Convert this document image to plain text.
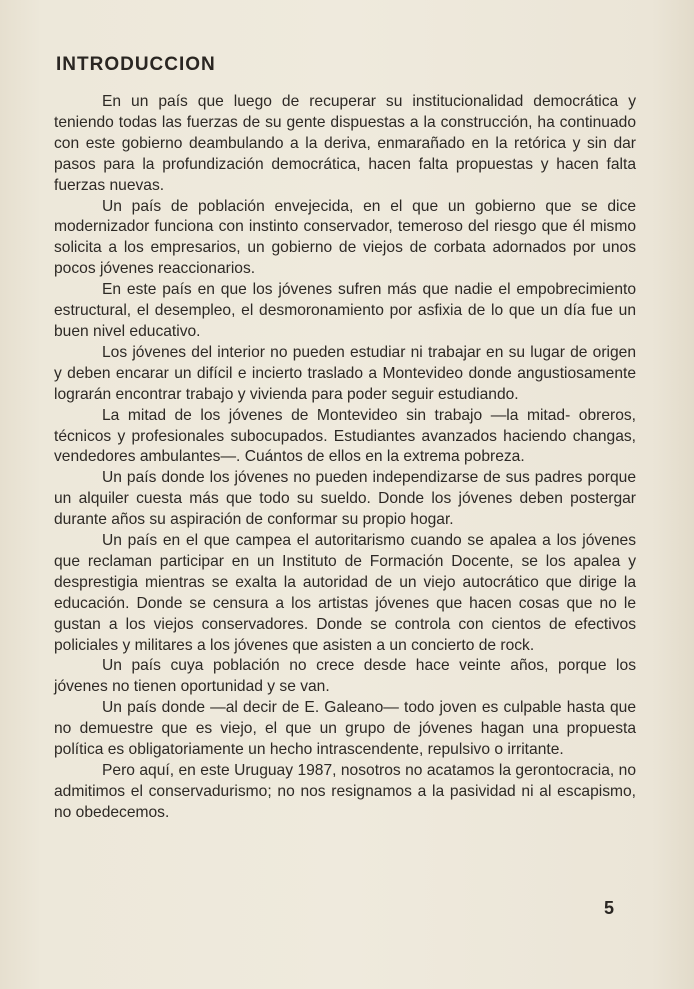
INTRODUCCION

En un país que luego de recuperar su institucionalidad democrática y teniendo todas las fuerzas de su gente dispuestas a la construcción, ha continuado con este gobierno deambulando a la deriva, enmarañado en la retórica y sin dar pasos para la profundización democrática, hacen falta propuestas y hacen falta fuerzas nuevas.

Un país de población envejecida, en el que un gobierno que se dice modernizador funciona con instinto conservador, temeroso del riesgo que él mismo solicita a los empresarios, un gobierno de viejos de corbata adornados por unos pocos jóvenes reaccionarios.

En este país en que los jóvenes sufren más que nadie el empobrecimiento estructural, el desempleo, el desmoronamiento por asfixia de lo que un día fue un buen nivel educativo.

Los jóvenes del interior no pueden estudiar ni trabajar en su lugar de origen y deben encarar un difícil e incierto traslado a Montevideo donde angustiosamente lograrán encontrar trabajo y vivienda para poder seguir estudiando.

La mitad de los jóvenes de Montevideo sin trabajo —la mitad- obreros, técnicos y profesionales subocupados. Estudiantes avanzados haciendo changas, vendedores ambulantes—. Cuántos de ellos en la extrema pobreza.

Un país donde los jóvenes no pueden independizarse de sus padres porque un alquiler cuesta más que todo su sueldo. Donde los jóvenes deben postergar durante años su aspiración de conformar su propio hogar.

Un país en el que campea el autoritarismo cuando se apalea a los jóvenes que reclaman participar en un Instituto de Formación Docente, se los apalea y desprestigia mientras se exalta la autoridad de un viejo autocrático que dirige la educación. Donde se censura a los artistas jóvenes que hacen cosas que no le gustan a los viejos conservadores. Donde se controla con cientos de efectivos policiales y militares a los jóvenes que asisten a un concierto de rock.

Un país cuya población no crece desde hace veinte años, porque los jóvenes no tienen oportunidad y se van.

Un país donde —al decir de E. Galeano— todo joven es culpable hasta que no demuestre que es viejo, el que un grupo de jóvenes hagan una propuesta política es obligatoriamente un hecho intrascendente, repulsivo o irritante.

Pero aquí, en este Uruguay 1987, nosotros no acatamos la gerontocracia, no admitimos el conservadurismo; no nos resignamos a la pasividad ni al escapismo, no obedecemos.

5
